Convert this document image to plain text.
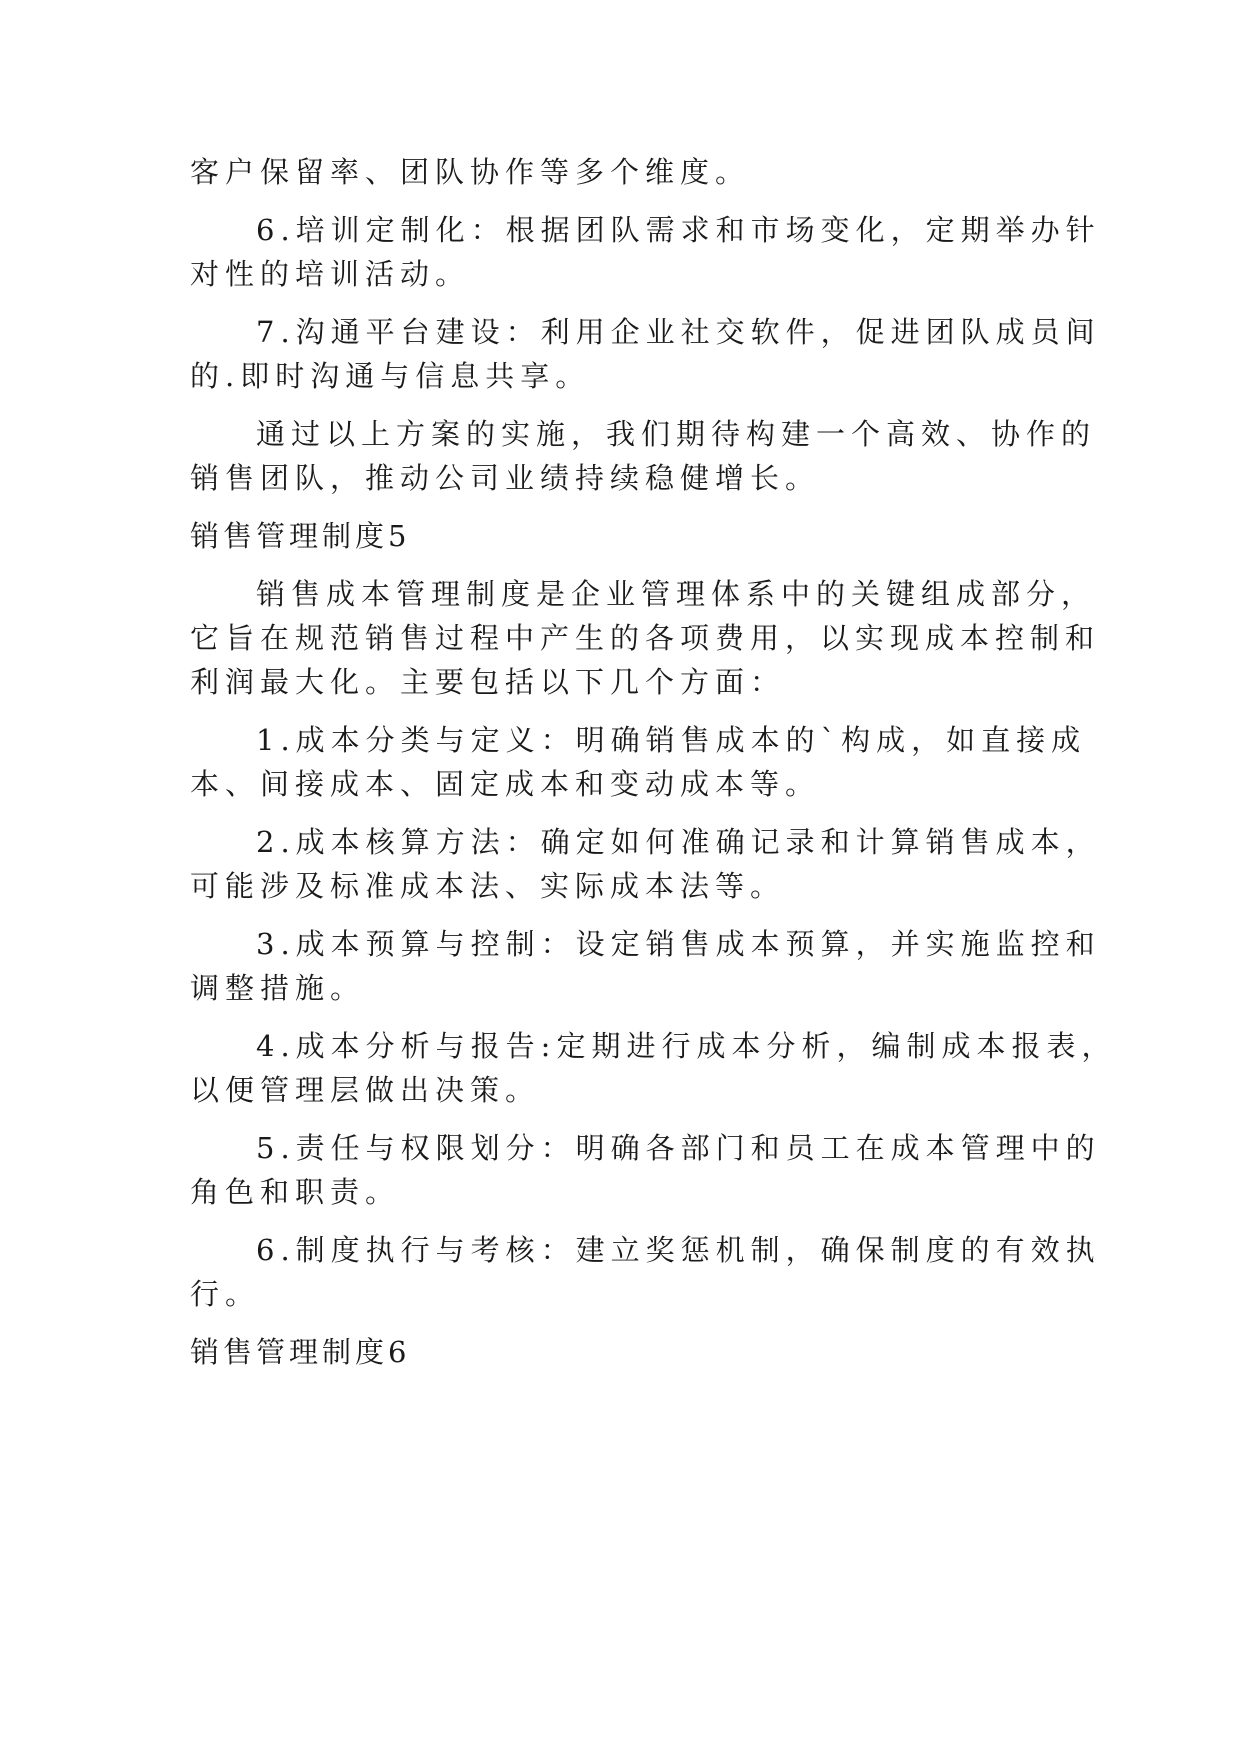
客户保留率、团队协作等多个维度。
6.培训定制化：根据团队需求和市场变化，定期举办针
对性的培训活动。
7.沟通平台建设：利用企业社交软件，促进团队成员间
的.即时沟通与信息共享。
通过以上方案的实施，我们期待构建一个高效、协作的
销售团队，推动公司业绩持续稳健增长。
销售管理制度5
销售成本管理制度是企业管理体系中的关键组成部分，
它旨在规范销售过程中产生的各项费用，以实现成本控制和
利润最大化。主要包括以下几个方面：
1.成本分类与定义：明确销售成本的`构成，如直接成
本、间接成本、固定成本和变动成本等。
2.成本核算方法：确定如何准确记录和计算销售成本，
可能涉及标准成本法、实际成本法等。
3.成本预算与控制：设定销售成本预算，并实施监控和
调整措施。
4.成本分析与报告:定期进行成本分析，编制成本报表，
以便管理层做出决策。
5.责任与权限划分：明确各部门和员工在成本管理中的
角色和职责。
6.制度执行与考核：建立奖惩机制，确保制度的有效执
行。
销售管理制度6
